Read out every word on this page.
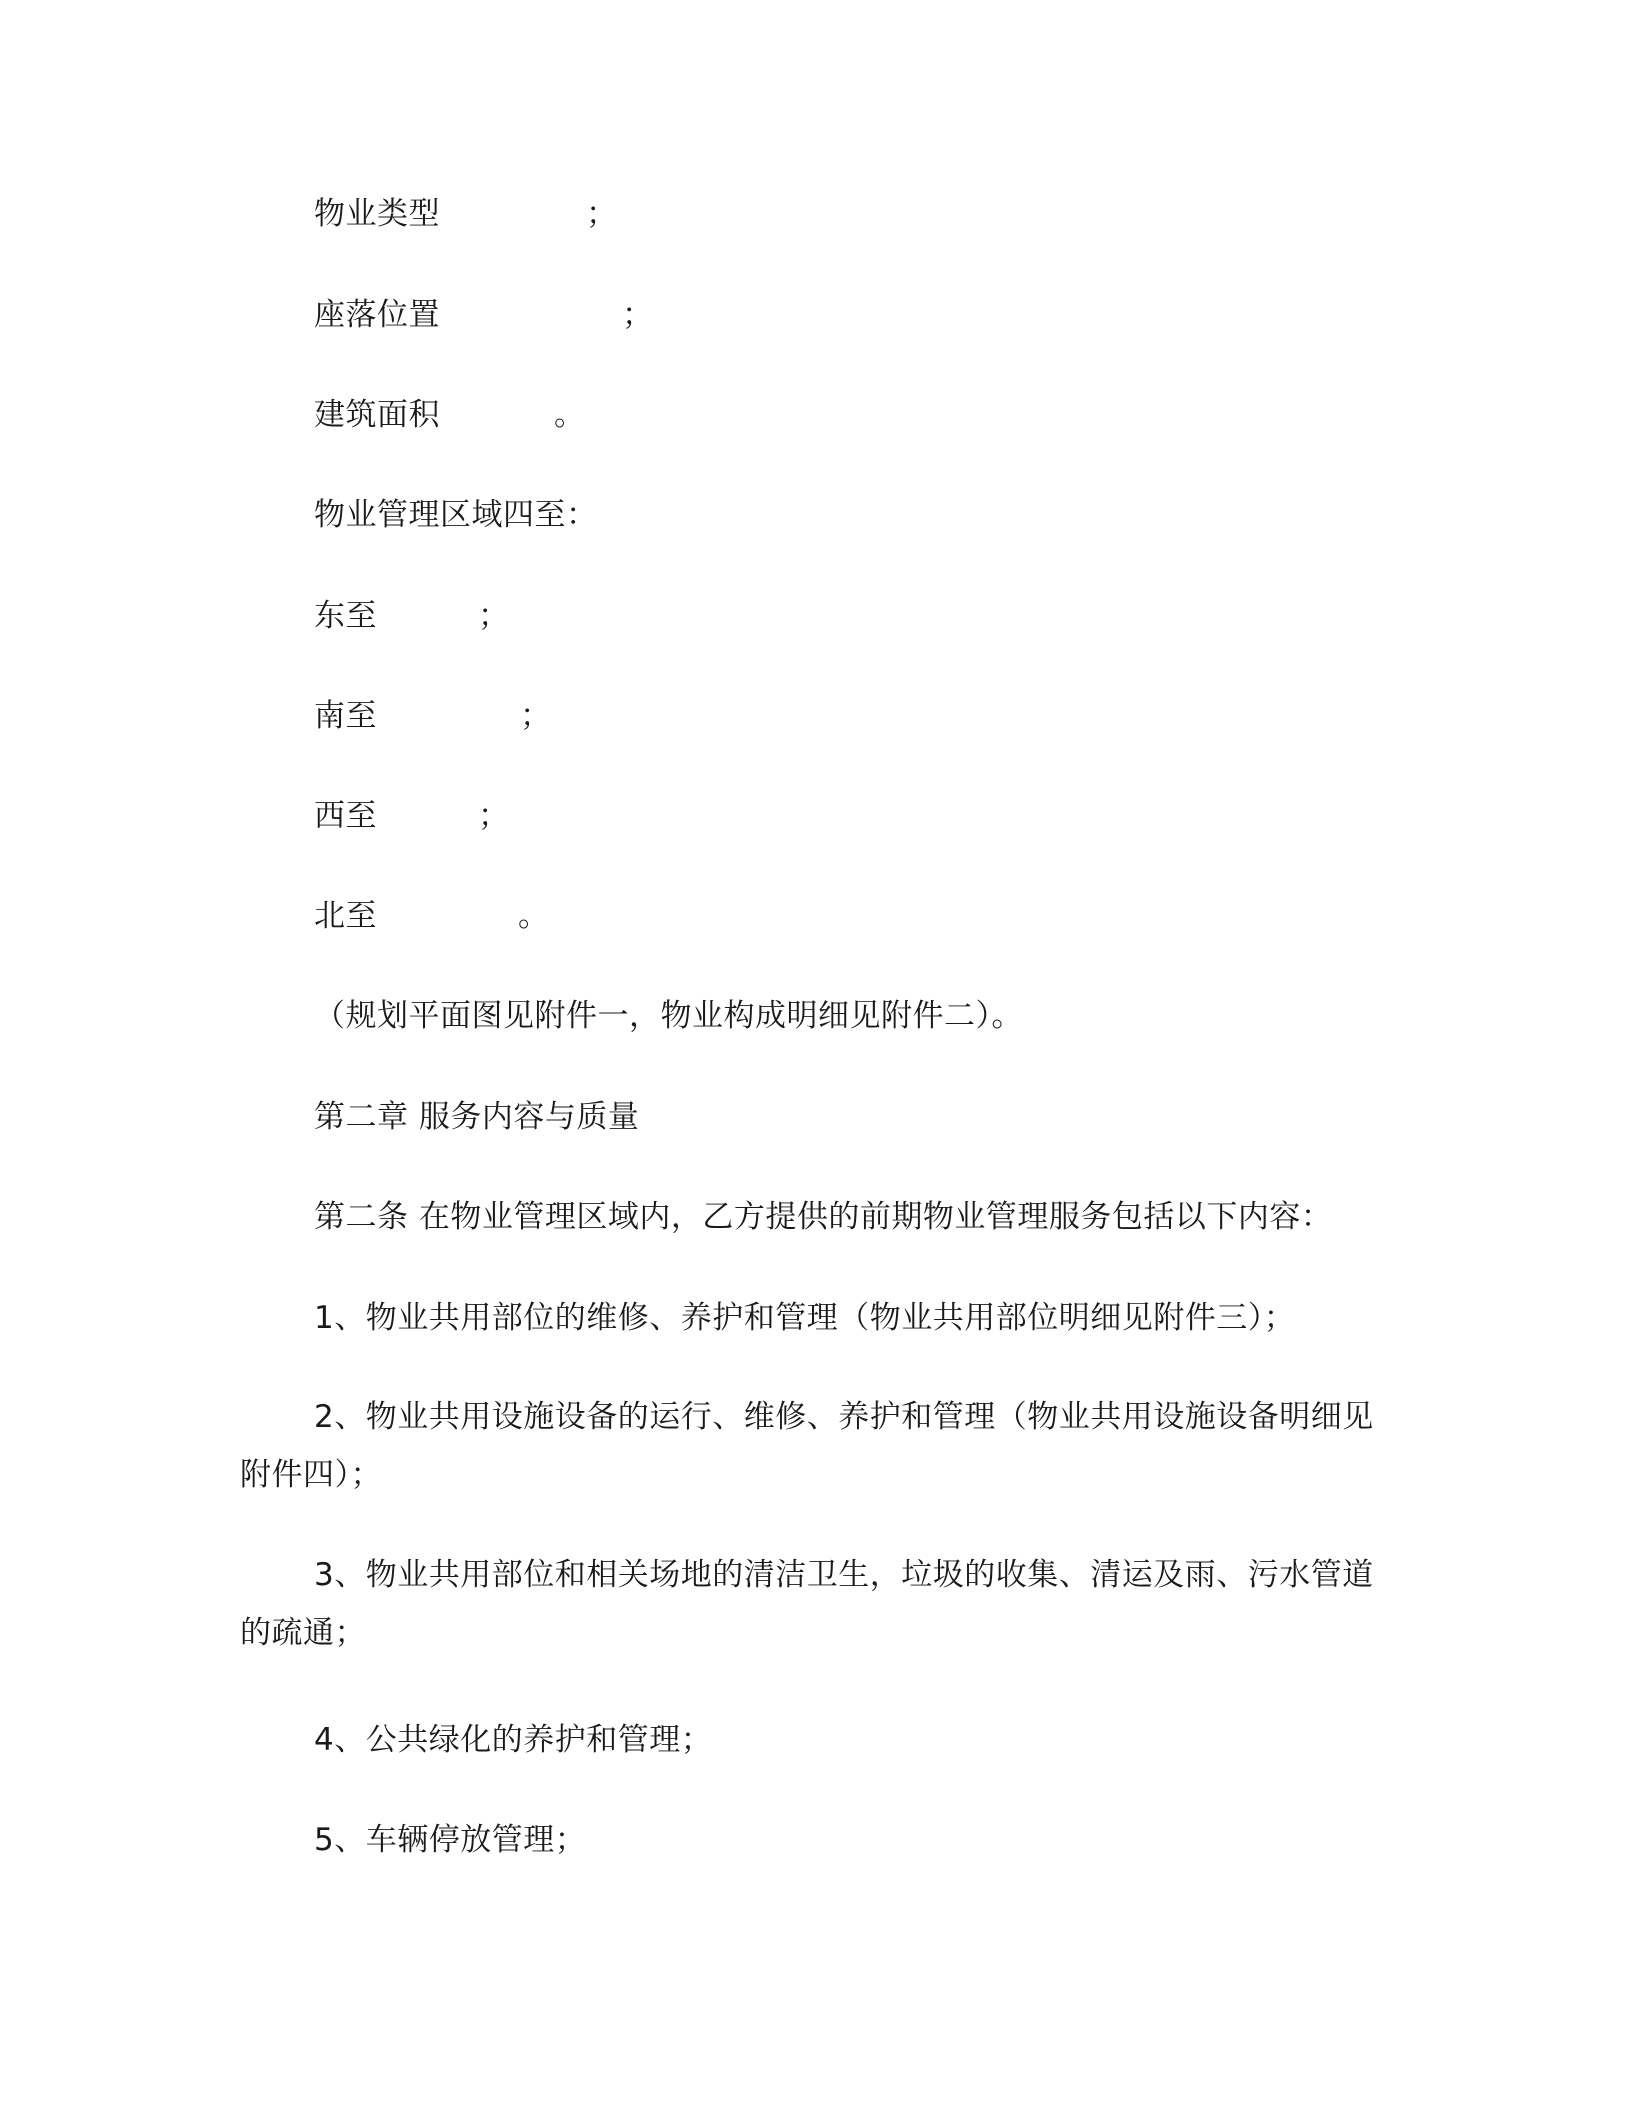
物业类型	；
座落位置	；
建筑面积	。
物业管理区域四至：
东至	；
南至	；
西至	；
北至	。
（规划平面图见附件一，物业构成明细见附件二）。
第二章 服务内容与质量
第二条 在物业管理区域内，乙方提供的前期物业管理服务包括以下内容：
1、物业共用部位的维修、养护和管理（物业共用部位明细见附件三）；
2、物业共用设施设备的运行、维修、养护和管理（物业共用设施设备明细见附件四）；
3、物业共用部位和相关场地的清洁卫生，垃圾的收集、清运及雨、污水管道的疏通；
4、公共绿化的养护和管理；
5、车辆停放管理；
